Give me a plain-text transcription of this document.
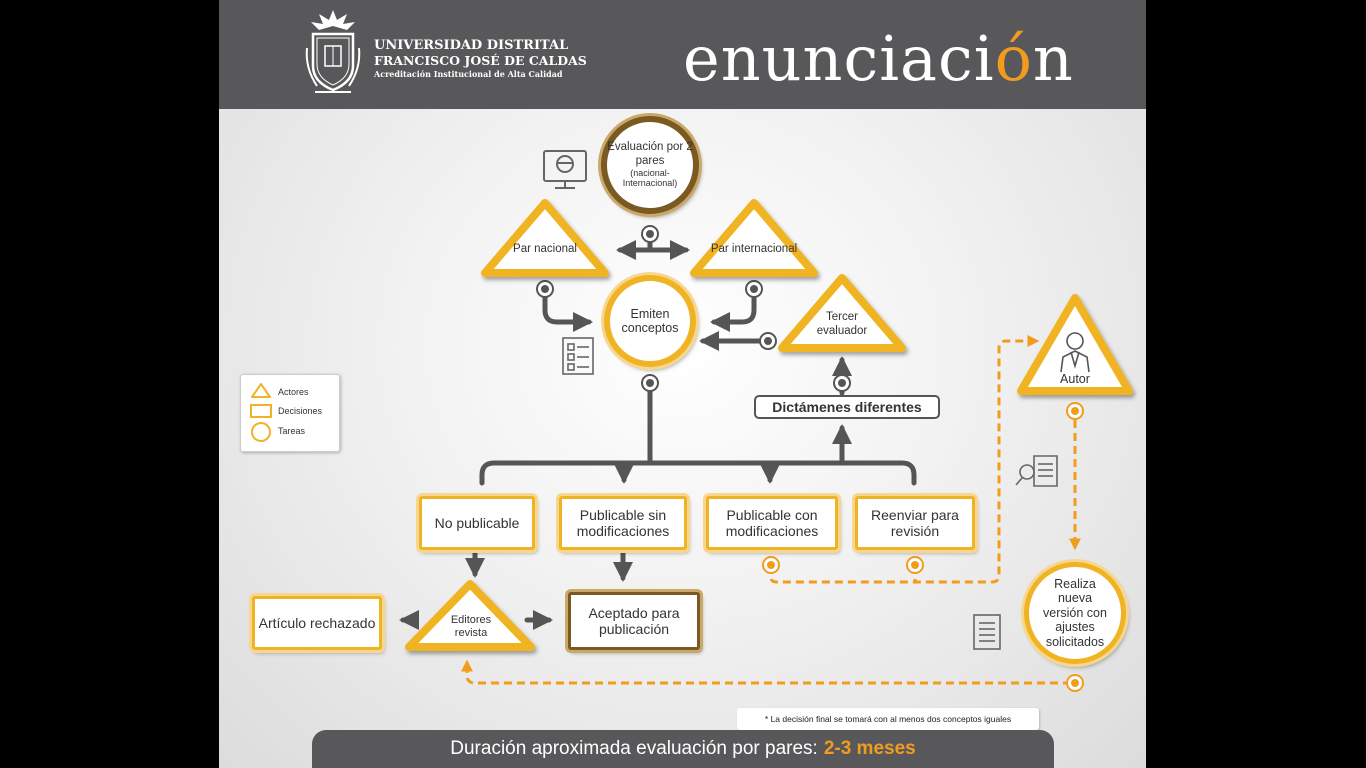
UNIVERSIDAD DISTRITAL
FRANCISCO JOSÉ DE CALDAS
Acreditación Institucional de Alta Calidad enunciación
Evaluación por 2 pares
(nacional-Internacional)
Emiten conceptos
Realiza nueva versión con ajustes solicitados
Par nacional	Par internacional
Tercer evaluador
Autor
Editores revista
Dictámenes diferentes
No publicable	Publicable sin modificaciones
Publicable con modificaciones
Reenviar para revisión
Artículo rechazado
Aceptado para publicación
Actores
Decisiones
Tareas
* La decisión final se tomará con al menos dos conceptos iguales
Duración aproximada evaluación por pares: 2-3 meses
